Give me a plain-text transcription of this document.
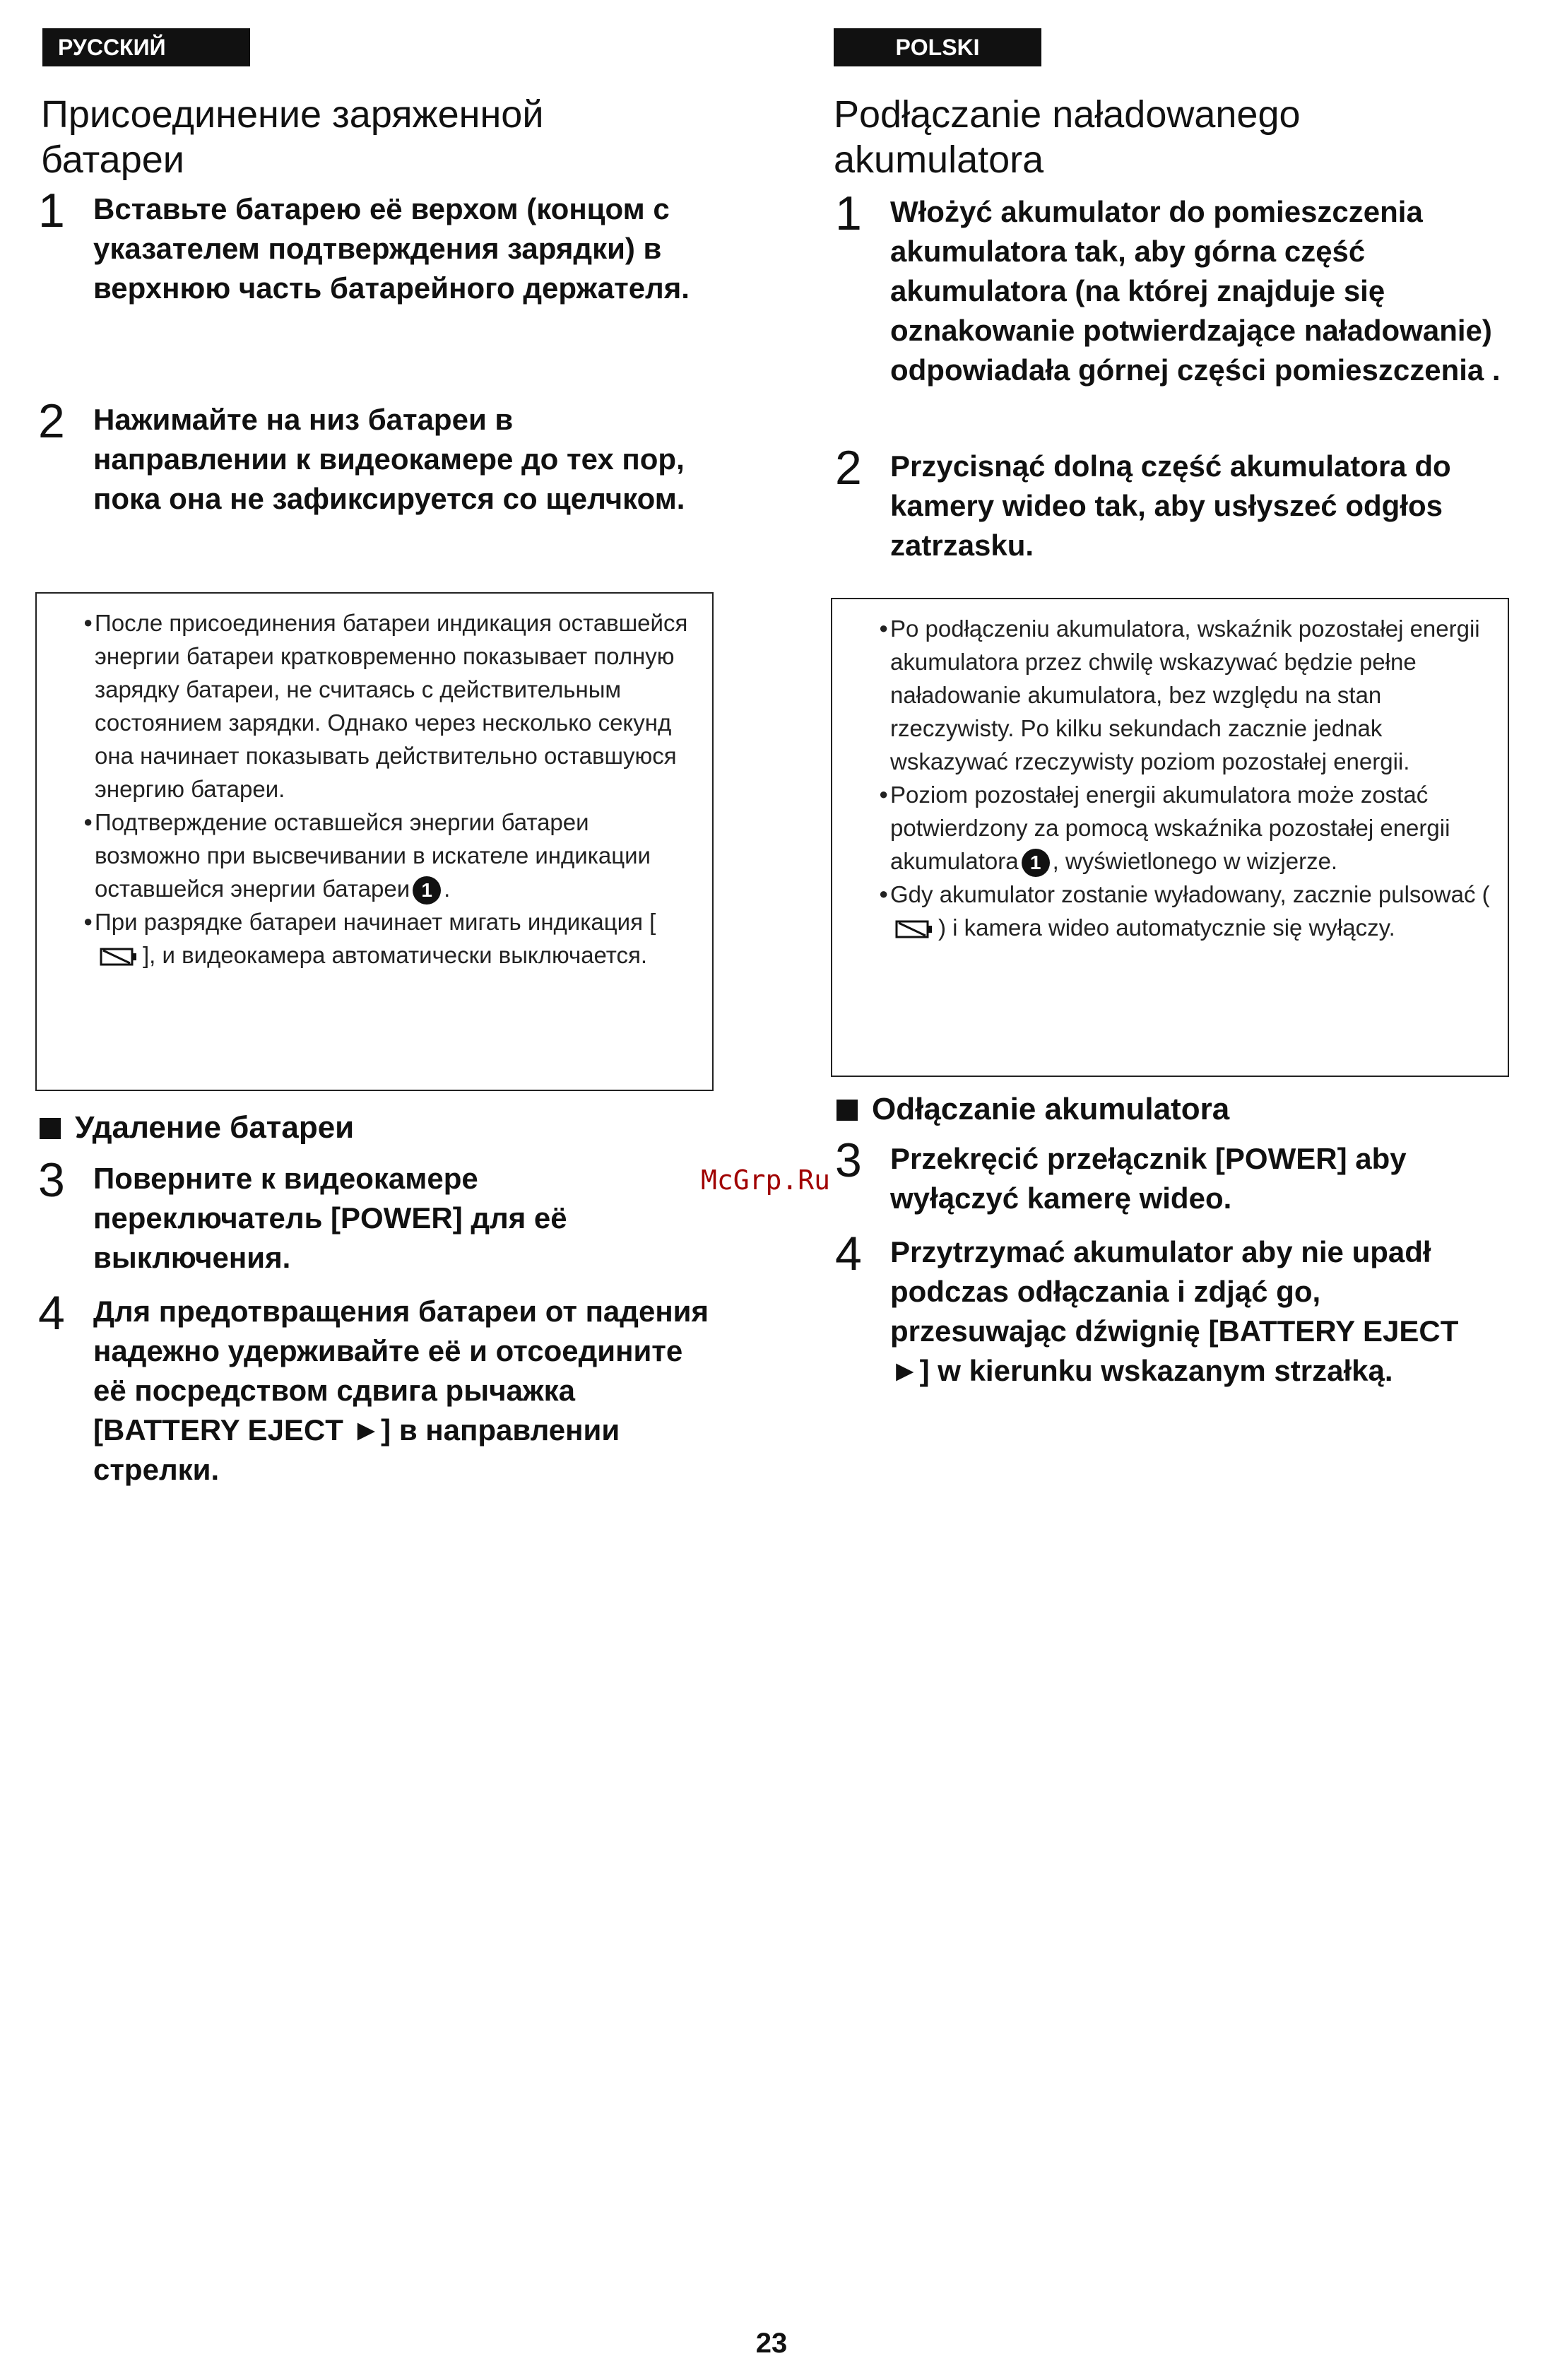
РУССКИЙ ЯЗЫК
Присоединение заряженной батареи
1 Вставьте батарею её верхом (концом с указателем подтверждения зарядки) в верхнюю часть батарейного держателя.
2 Нажимайте на низ батареи в направлении к видеокамере до тех пор, пока она не зафиксируется со щелчком.
● После присоединения батареи индикация оставшейся энергии батареи кратковременно показывает полную зарядку батареи, не считаясь с действительным состоянием зарядки. Однако через несколько секунд она начинает показывать действительно оставшуюся энергию батареи.
● Подтверждение оставшейся энергии батареи возможно при высвечивании в искателе индикации оставшейся энергии батареи 1 .
● При разрядке батареи начинает мигать индикация [], и видеокамера автоматически выключается.
Удаление батареи
3 Поверните к видеокамере переключатель [POWER] для её выключения.
4 Для предотвращения батареи от падения надежно удерживайте её и отсоедините её посредством сдвига рычажка [BATTERY EJECT ►] в направлении стрелки.
POLSKI
Podłączanie naładowanego akumulatora
1 Włożyć akumulator do pomieszczenia akumulatora tak, aby górna część akumulatora (na której znajduje się oznakowanie potwierdzające naładowanie) odpowiadała górnej części pomieszczenia .
2 Przycisnąć dolną część akumulatora do kamery wideo tak, aby usłyszeć odgłos zatrzasku.
● Po podłączeniu akumulatora, wskaźnik pozostałej energii akumulatora przez chwilę wskazywać będzie pełne naładowanie akumulatora, bez względu na stan rzeczywisty. Po kilku sekundach zacznie jednak wskazywać rzeczywisty poziom pozostałej energii.
● Poziom pozostałej energii akumulatora może zostać potwierdzony za pomocą wskaźnika pozostałej energii akumulatora 1 , wyświetlonego w wizjerze.
● Gdy akumulator zostanie wyładowany, zacznie pulsować () i kamera wideo automatycznie się wyłączy.
Odłączanie akumulatora
3 Przekręcić przełącznik [POWER] aby wyłączyć kamerę wideo.
4 Przytrzymać akumulator aby nie upadł podczas odłączania i zdjąć go, przesuwając dźwignię [BATTERY EJECT ►] w kierunku wskazanym strzałką.
McGrp.Ru
23
